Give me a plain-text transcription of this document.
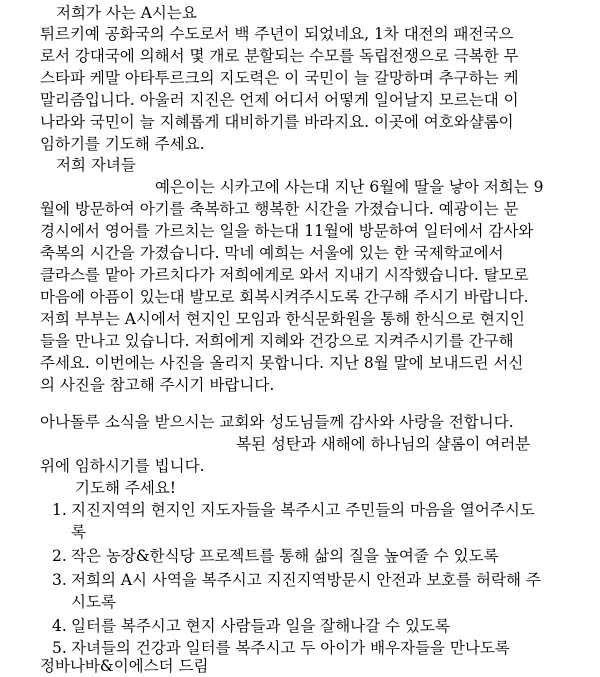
저희가 사는 A시는요
튀르키예 공화국의 수도로서 백 주년이 되었네요, 1차 대전의 패전국으
로서 강대국에 의해서 몇 개로 분할되는 수모를 독립전쟁으로 극복한 무
스타파 케말 아타투르크의 지도력은 이 국민이 늘 갈망하며 추구하는 케
말리즘입니다. 아울러 지진은 언제 어디서 어떻게 일어날지 모르는대 이
나라와 국민이 늘 지혜롭게 대비하기를 바라지요. 이곳에 여호와샬롬이
임하기를 기도해 주세요.
저희 자녀들
예은이는 시카고에 사는대 지난 6월에 딸을 낳아 저희는 9
월에 방문하여 아기를 축복하고 행복한 시간을 가졌습니다. 예광이는 문
경시에서 영어를 가르치는 일을 하는대 11월에 방문하여 일터에서 감사와
축복의 시간을 가졌습니다. 막네 예희는 서울에 있는 한 국제학교에서
클라스를 맡아 가르치다가 저희에게로 와서 지내기 시작했습니다. 탈모로
마음에 아픔이 있는대 발모로 회복시켜주시도록 간구해 주시기 바랍니다.
저희 부부는 A시에서 현지인 모임과 한식문화원을 통해 한식으로 현지인
들을 만나고 있습니다. 저희에게 지혜와 건강으로 지켜주시기를 간구해
주세요. 이번에는 사진을 올리지 못합니다. 지난 8월 말에 보내드린 서신
의 사진을 참고해 주시기 바랍니다.
아나돌루 소식을 받으시는 교회와 성도님들께 감사와 사랑을 전합니다.
복된 성탄과 새해에 하나님의 샬롬이 여러분
위에 임하시기를 빕니다.
기도해 주세요!
1. 지진지역의 현지인 지도자들을 복주시고 주민들의 마음을 열어주시도
록
2. 작은 농장&한식당 프로젝트를 통해 삶의 질을 높여줄 수 있도록
3. 저희의 A시 사역을 복주시고 지진지역방문시 안전과 보호를 허락해 주
시도록
4. 일터를 복주시고 현지 사람들과 일을 잘해나갈 수 있도록
5. 자녀들의 건강과 일터를 복주시고 두 아이가 배우자들을 만나도록
정바나바&이에스더 드림
